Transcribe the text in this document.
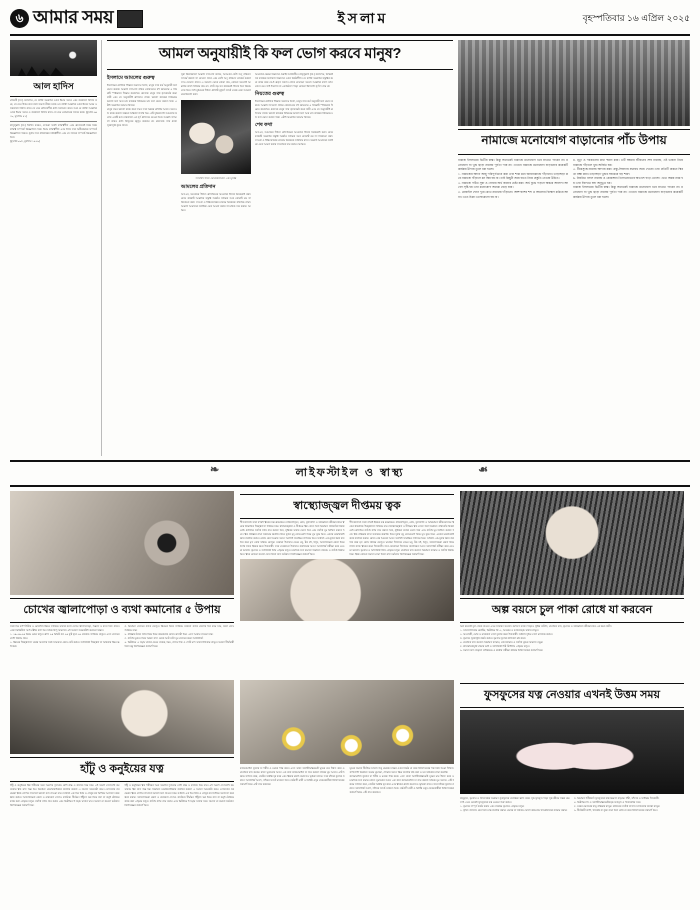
৬ আমার সময়	ইসলাম	বৃহস্পতিবার ১৬ এপ্রিল ২০২৫
আল হাদিস
মহানবী (সা.) বলেছেন, যে ব্যক্তি আল্লাহর ওপর ঈমান আনে এবং পরকালে বিশ্বাস করে, সে যেন উত্তম কথা বলে অথবা নীরব থাকে। যে ব্যক্তি আল্লাহর ওপর ঈমান আনে ও পরকালে বিশ্বাস রাখে সে যেন প্রতিবেশীর প্রতি সদাচরণ করে। আর যে ব্যক্তি আল্লাহর ওপর ঈমান আনে ও পরকালে বিশ্বাস রাখে সে যেন মেহমানের সম্মান করে। (বুখারি ৬০১৮, মুসলিম ৪৭)
রাসুলুল্লাহ (সা.) ইরশাদ করেন, তোমরা সবাই দায়িত্বশীল এবং প্রত্যেকেই নিজ নিজ দায়িত্ব সম্পর্কে জিজ্ঞাসিত হবে। ইমাম দায়িত্বশীল এবং তিনি তার অধীনস্থদের সম্পর্কে জিজ্ঞাসিত হবেন। পুরুষ তার পরিবারের দায়িত্বশীল এবং সে তাদের সম্পর্কে জিজ্ঞাসিত হবে।
(বুখারি ৮৯৩, মুসলিম ১৮২৯)
আমল অনুযায়ীই কি ফল ভোগ করবে মানুষ?
ইসলামে আমলের গুরুত্ব
ইসলামের মৌলিক শিক্ষার অন্যতম হলো, মানুষ তার কর্ম অনুযায়ী ফল ভোগ করবে। আল্লাহ তাআলা পবিত্র কোরআনে বহু জায়গায় এ বিষয়টি স্পষ্টভাবে উল্লেখ করেছেন। প্রত্যেক মানুষ তার কৃতকর্মের জন্য দায়ী এবং সে অনুযায়ীই প্রতিদান পাবে। ভালো কাজের বিনিময়ে ভালো ফল আর মন্দ কাজের বিনিময়ে মন্দ ফল ভোগ করতে হবে। এটাই আল্লাহর অমোঘ বিধান।
মানুষ যখন ভালো কাজ করে তখন তার অন্তরে প্রশান্তি আসে। আর মন্দ কাজ করলে অন্তরে অস্থিরতা তৈরি হয়। এটি দুনিয়াতেই আমলের ফলের একটি রূপ। পরকালে এর পূর্ণ প্রতিদান দেওয়া হবে। আল্লাহ তাআলা কারও প্রতি বিন্দুমাত্র জুলুম করবেন না। প্রত্যেকে তার প্রাপ্য পুরোপুরি বুঝে পাবে।
সুরা জিলজালে আল্লাহ তাআলা বলেন, অতঃপর কেউ অণু পরিমাণ সৎকর্ম করলে তা দেখতে পাবে এবং কেউ অণু পরিমাণ মন্দকর্ম করলে তাও দেখতে পাবে। এ আয়াত থেকে বোঝা যায়, কোনো আমলই আল্লাহর কাছে হারিয়ে যায় না। ছোট বড় সব কাজেরই হিসাব হবে কিয়ামতের দিন। তাই মুমিনের উচিত প্রতিটি মুহূর্তে সতর্ক থেকে নেক আমলে মনোনিবেশ করা।
তাসবিহ হাতে মোনাজাতরত এক মুসল্লি
আমলের প্রতিদান
অতএব, আমাদের উচিত প্রতিদিনের আমলের হিসাব নিজেরাই করা। কোন কাজটি আল্লাহর সন্তুষ্টি অর্জনে সহায়ক আর কোনটি নয় তা বিবেচনা করা। তাওবা ও ইস্তিগফারের মাধ্যমে নিজেকে পরিশুদ্ধ রাখা। আল্লাহ আমাদের সবাইকে নেক আমল করার তাওফিক দান করুন। আমিন।
আমলের ক্ষেত্রে নিয়তের গুরুত্ব অপরিসীম। রাসুলুল্লাহ (সা.) বলেছেন, নিশ্চয়ই সব কাজের ফলাফল নিয়তের ওপর নির্ভরশীল। যে ব্যক্তি আল্লাহর সন্তুষ্টির জন্য কাজ করে সে-ই প্রকৃত সফল। লোক দেখানো আমল আল্লাহর কাছে গ্রহণযোগ্য নয়। তাই ইখলাস বা একনিষ্ঠতা ছাড়া কোনো ইবাদতই পূর্ণতা পায় না।
নিয়তের গুরুত্ব
ইসলামের মৌলিক শিক্ষার অন্যতম হলো, মানুষ তার কর্ম অনুযায়ী ফল ভোগ করবে। আল্লাহ তাআলা পবিত্র কোরআনে বহু জায়গায় এ বিষয়টি স্পষ্টভাবে উল্লেখ করেছেন। প্রত্যেক মানুষ তার কৃতকর্মের জন্য দায়ী এবং সে অনুযায়ীই প্রতিদান পাবে। ভালো কাজের বিনিময়ে ভালো ফল আর মন্দ কাজের বিনিময়ে মন্দ ফল ভোগ করতে হবে। এটাই আল্লাহর অমোঘ বিধান।
শেষ কথা
অতএব, আমাদের উচিত প্রতিদিনের আমলের হিসাব নিজেরাই করা। কোন কাজটি আল্লাহর সন্তুষ্টি অর্জনে সহায়ক আর কোনটি নয় তা বিবেচনা করা। তাওবা ও ইস্তিগফারের মাধ্যমে নিজেকে পরিশুদ্ধ রাখা। আল্লাহ আমাদের সবাইকে নেক আমল করার তাওফিক দান করুন। আমিন।	নামাজে মনোযোগ বাড়ানোর পাঁচ উপায়
নামাজ ইসলামের দ্বিতীয় স্তম্ভ। কিন্তু অনেকেই নামাজে মনোযোগ ধরে রাখতে পারেন না। মনোযোগ বা খুশু ছাড়া নামাজ পূর্ণতা পায় না। এখানে নামাজে মনোযোগ বাড়ানোর কয়েকটি কার্যকর উপায় তুলে ধরা হলো।
১. নামাজের আগে অজু পরিপূর্ণভাবে করা এবং শান্ত মনে জায়নামাজে দাঁড়ানো। তাড়াহুড়া করে নামাজে দাঁড়ালে মন স্থির হয় না। তাই কিছুটা সময় হাতে নিয়ে প্রস্তুতি নেওয়া উচিত।
২. নামাজে পঠিত সুরা ও দোয়ার অর্থ জানার চেষ্টা করা। অর্থ বুঝে পড়লে অন্তরে আলাদা আবেগ সৃষ্টি হয় এবং মনোযোগ অনেক বেড়ে যায়।
৩. মোবাইল ফোন দূরে রেখে নামাজে দাঁড়ানো। আশপাশের শব্দ ও আলোর বিক্ষেপ কমিয়ে আনা। এতে চিন্তা এলোমেলো হয় না।
৪. মৃত্যু ও পরকালের কথা স্মরণ করা। এটি আমার জীবনের শেষ নামাজ, এই ভাবনা নিয়ে নামাজে দাঁড়ালে খুশু অর্জিত হয়।
৫. ধীরেসুস্থে নামাজ আদায় করা। রুকু-সিজদায় যথাযথ সময় দেওয়া এবং প্রতিটি রুকনে স্থিরতা রক্ষা করা। তাড়াহুড়া খুশুর সবচেয়ে বড় শত্রু।
৬. নিয়মিত নফল নামাজ ও কোরআন তিলাওয়াতের অভ্যাস গড়ে তোলা। এতে অন্তর নরম হয় এবং ইবাদতে স্বাদ অনুভূত হয়।
নামাজ ইসলামের দ্বিতীয় স্তম্ভ। কিন্তু অনেকেই নামাজে মনোযোগ ধরে রাখতে পারেন না। মনোযোগ বা খুশু ছাড়া নামাজ পূর্ণতা পায় না। এখানে নামাজে মনোযোগ বাড়ানোর কয়েকটি কার্যকর উপায় তুলে ধরা হলো।
❧	লাইফস্টাইল ও স্বাস্থ্য	☙
চোখের জ্বালাপোড়া ও ব্যথা কমানোর ৫ উপায়
সারা দিন কম্পিউটার ও মোবাইল স্ক্রিনে তাকিয়ে থাকার ফলে চোখে জ্বালাপোড়া, শুষ্কতা ও ব্যথা হতে পারে। একে ডিজিটাল আই স্ট্রেইন বলা হয়। সহজ কিছু অভ্যাসে এই সমস্যা অনেকটাই কমানো সম্ভব।
১. ২০-২০-২০ নিয়ম মেনে চলুন। প্রতি ২০ মিনিট পর ২০ ফুট দূরে ২০ সেকেন্ড তাকিয়ে থাকুন। এতে চোখের পেশি বিশ্রাম পায়।
২. স্ক্রিনের উজ্জ্বলতা ঘরের আলোর সঙ্গে সামঞ্জস্য রেখে সেট করুন। অতিরিক্ত উজ্জ্বল বা অন্ধকার স্ক্রিন ক্ষতিকর।
৩. নিয়মিত চোখের পলক ফেলুন। স্ক্রিনের দিকে তাকিয়ে থাকলে পলক ফেলার হার কমে যায়, ফলে চোখ শুকিয়ে যায়।
৪. পরিষ্কার ঠান্ডা পানি দিয়ে দিনে কয়েকবার চোখে ঝাপটা দিন। এতে আরাম পাওয়া যায়।
৫. পর্যাপ্ত ঘুমান। দিনে অন্তত সাত থেকে আট ঘণ্টা ঘুম চোখের জন্য অপরিহার্য।
৬. ভিটামিন এ সমৃদ্ধ খাবার যেমন গাজর, ডিম, পালং শাক ও ছোট মাছ খাদ্যতালিকায় রাখুন। সমস্যা দীর্ঘস্থায়ী হলে চক্ষু বিশেষজ্ঞের পরামর্শ নিন।
স্বাস্থ্যোজ্জ্বল দীপ্তময় ত্বক
শীতকালসহ সারা বছরই ত্বকের যত্ন প্রয়োজন। পরিবেশদূষণ, রোদ, ধুলাবালি ও অনিয়মিত জীবনযাপনে ত্বকের স্বাভাবিক উজ্জ্বলতা হারিয়ে যায়। স্বাস্থ্যোজ্জ্বল ও দীপ্তময় ত্বক পেতে হলে নিয়মিত পরিচর্যার বিকল্প নেই। প্রতিদিন পর্যাপ্ত পানি পান করতে হবে, পুষ্টিকর খাবার খেতে হবে এবং পর্যাপ্ত ঘুম নিশ্চিত করতে হবে। ত্বক পরিষ্কার রাখা সবচেয়ে জরুরি। দিনে দুবার মৃদু ফেসওয়াশ দিয়ে মুখ ধুয়ে নিন। এরপর ময়েশ্চারাইজার ব্যবহার করুন। রোদে বের হওয়ার আগে অবশ্যই সানস্ক্রিন লাগিয়ে নিন। সপ্তাহে এক-দুবার স্ক্রাব ব্যবহার করে মৃত কোষ সরিয়ে ফেলুন। ঘরোয়া উপাদান যেমন মধু, টক দই, হলুদ, অ্যালোভেরা জেল দিয়ে তৈরি প্যাক ত্বকের জন্য উপকারী। তবে যেকোনো উপাদান ব্যবহারের আগে অ্যালার্জি পরীক্ষা করে নেওয়া ভালো। ধূমপান ও অতিরিক্ত চিনি এড়িয়ে চলুন। মানসিক চাপ কমাতে নিয়মিত ব্যায়াম ও পর্যাপ্ত বিশ্রাম নিন। ত্বকে কোনো সমস্যা দেখা দিলে দ্রুত চর্মরোগ বিশেষজ্ঞের পরামর্শ নিন।
শীতকালসহ সারা বছরই ত্বকের যত্ন প্রয়োজন। পরিবেশদূষণ, রোদ, ধুলাবালি ও অনিয়মিত জীবনযাপনে ত্বকের স্বাভাবিক উজ্জ্বলতা হারিয়ে যায়। স্বাস্থ্যোজ্জ্বল ও দীপ্তময় ত্বক পেতে হলে নিয়মিত পরিচর্যার বিকল্প নেই। প্রতিদিন পর্যাপ্ত পানি পান করতে হবে, পুষ্টিকর খাবার খেতে হবে এবং পর্যাপ্ত ঘুম নিশ্চিত করতে হবে। ত্বক পরিষ্কার রাখা সবচেয়ে জরুরি। দিনে দুবার মৃদু ফেসওয়াশ দিয়ে মুখ ধুয়ে নিন। এরপর ময়েশ্চারাইজার ব্যবহার করুন। রোদে বের হওয়ার আগে অবশ্যই সানস্ক্রিন লাগিয়ে নিন। সপ্তাহে এক-দুবার স্ক্রাব ব্যবহার করে মৃত কোষ সরিয়ে ফেলুন। ঘরোয়া উপাদান যেমন মধু, টক দই, হলুদ, অ্যালোভেরা জেল দিয়ে তৈরি প্যাক ত্বকের জন্য উপকারী। তবে যেকোনো উপাদান ব্যবহারের আগে অ্যালার্জি পরীক্ষা করে নেওয়া ভালো। ধূমপান ও অতিরিক্ত চিনি এড়িয়ে চলুন। মানসিক চাপ কমাতে নিয়মিত ব্যায়াম ও পর্যাপ্ত বিশ্রাম নিন। ত্বকে কোনো সমস্যা দেখা দিলে দ্রুত চর্মরোগ বিশেষজ্ঞের পরামর্শ নিন।
অল্প বয়সে চুল পাকা রোধে যা করবেন
অল্প বয়সেই চুল পেকে যাওয়া এখন সাধারণ সমস্যা। বংশগত কারণ ছাড়াও পুষ্টির ঘাটতি, মানসিক চাপ, ধূমপান ও অনিয়মিত জীবনযাপন এর জন্য দায়ী।
১. খাদ্যতালিকায় প্রোটিন, ভিটামিন বি১২, আয়রন ও কপারসমৃদ্ধ খাবার রাখুন।
২. আমলকী, মেথি ও নারকেল তেল চুলের জন্য উপকারী। সপ্তাহে দুদিন তেল ম্যাসাজ করুন।
৩. ধূমপান পুরোপুরি বর্জন করুন। ধূমপান চুলের ফলিকল নষ্ট করে।
৪. মানসিক চাপ কমাতে নিয়মিত ব্যায়াম, যোগব্যায়াম ও পর্যাপ্ত ঘুমের অভ্যাস গড়ুন।
৫. রাসায়নিকযুক্ত হেয়ার ডাই ও অতিরিক্ত হিট স্টাইলিং এড়িয়ে চলুন।
৬. সমস্যা দ্রুত বাড়লে থাইরয়েড ও রক্তের পরীক্ষা করিয়ে চিকিৎসকের পরামর্শ নিন।
হাঁটু ও কনুইয়ের যত্ন
হাঁটু ও কনুইয়ের ত্বক শরীরের অন্য অংশের তুলনায় বেশি রুক্ষ ও কালচে হয়ে যায়। এই অংশে তেলগ্রন্থি কম থাকায় ত্বক দ্রুত শুষ্ক হয়। নিয়মিত ময়েশ্চারাইজার ব্যবহার করলে এ সমস্যা অনেকটা কমে। গোসলের পর ভেজা ত্বকে লোশন লাগালে ভালো ফল পাওয়া যায়। সপ্তাহে এক দিন চিনি ও লেবুর রস মিশিয়ে আলতো করে স্ক্রাব করুন। অ্যালোভেরা জেল ও নারকেল তেলও কার্যকর। দীর্ঘক্ষণ হাঁটুতে ভর দিয়ে বসা বা কনুই ঠেকিয়ে কাজ করা এড়িয়ে চলুন। পর্যাপ্ত পানি পান করুন এবং ভিটামিন ই সমৃদ্ধ খাবার খান। সমস্যা না কমলে চর্মরোগ বিশেষজ্ঞের পরামর্শ নিন।
হাঁটু ও কনুইয়ের ত্বক শরীরের অন্য অংশের তুলনায় বেশি রুক্ষ ও কালচে হয়ে যায়। এই অংশে তেলগ্রন্থি কম থাকায় ত্বক দ্রুত শুষ্ক হয়। নিয়মিত ময়েশ্চারাইজার ব্যবহার করলে এ সমস্যা অনেকটা কমে। গোসলের পর ভেজা ত্বকে লোশন লাগালে ভালো ফল পাওয়া যায়। সপ্তাহে এক দিন চিনি ও লেবুর রস মিশিয়ে আলতো করে স্ক্রাব করুন। অ্যালোভেরা জেল ও নারকেল তেলও কার্যকর। দীর্ঘক্ষণ হাঁটুতে ভর দিয়ে বসা বা কনুই ঠেকিয়ে কাজ করা এড়িয়ে চলুন। পর্যাপ্ত পানি পান করুন এবং ভিটামিন ই সমৃদ্ধ খাবার খান। সমস্যা না কমলে চর্মরোগ বিশেষজ্ঞের পরামর্শ নিন।
ক্যামোমাইল ফুলের চা শরীর ও মনকে শান্ত করে। এতে থাকা অ্যান্টিঅক্সিডেন্ট ঘুমের মান উন্নত করে ও মানসিক চাপ কমায়। রাতে ঘুমানোর আগে এক কাপ ক্যামোমাইল চা পান করলে সহজে ঘুম আসে। এটি হজমে সাহায্য করে, পেটের অস্বস্তি দূর করে এবং ত্বকের প্রদাহ কমাতেও ভূমিকা রাখে। তবে যাঁদের ফুলের পরাগে অ্যালার্জি আছে, তাঁদের সতর্ক থাকতে হবে। গর্ভবতী নারী ও নির্দিষ্ট ওষুধ সেবনকারীরা চিকিৎসকের পরামর্শ নিয়ে এটি পান করবেন।
ঘুমের সমস্যা দীর্ঘদিন চললে শুধু ভেষজ চায়ের ওপর নির্ভর না করে চিকিৎসকের শরণাপন্ন হওয়া উচিত। পাশাপাশি নিয়মিত সময়ে ঘুমানো, শোয়ার আগে স্ক্রিন ব্যবহার বন্ধ করা ও ঘর অন্ধকার রাখা জরুরি।
ক্যামোমাইল ফুলের চা শরীর ও মনকে শান্ত করে। এতে থাকা অ্যান্টিঅক্সিডেন্ট ঘুমের মান উন্নত করে ও মানসিক চাপ কমায়। রাতে ঘুমানোর আগে এক কাপ ক্যামোমাইল চা পান করলে সহজে ঘুম আসে। এটি হজমে সাহায্য করে, পেটের অস্বস্তি দূর করে এবং ত্বকের প্রদাহ কমাতেও ভূমিকা রাখে। তবে যাঁদের ফুলের পরাগে অ্যালার্জি আছে, তাঁদের সতর্ক থাকতে হবে। গর্ভবতী নারী ও নির্দিষ্ট ওষুধ সেবনকারীরা চিকিৎসকের পরামর্শ নিয়ে এটি পান করবেন।
ফুসফুসের যত্ন নেওয়ার এখনই উত্তম সময়
বায়ুদূষণ, ধূমপান ও শ্বাসতন্ত্রের সংক্রমণ ফুসফুসের মারাত্মক ক্ষতি করে। সুস্থ ফুসফুস ছাড়া সুস্থ জীবন সম্ভব নয়। তাই এখন থেকেই ফুসফুসের যত্ন নেওয়া শুরু করুন।
১. ধূমপান সম্পূর্ণ বর্জন করুন এবং পরোক্ষ ধূমপান এড়িয়ে চলুন।
২. দূষিত বাতাসে বের হলে মাস্ক ব্যবহার করুন। ভোরে বা সন্ধ্যায় খোলা জায়গায় শ্বাসপ্রশ্বাসের ব্যায়াম করুন।
৩. নিয়মিত শরীরচর্চা ফুসফুসের ধারণক্ষমতা বাড়ায়। হাঁটা, সাঁতার ও সাইক্লিং উপকারী।
৪. ভিটামিন সি ও অ্যান্টিঅক্সিডেন্টসমৃদ্ধ ফলমূল ও শাকসবজি খান।
৫. ঘরের ভেতরের বায়ু পরিষ্কার রাখুন। রান্নাঘরে পর্যাপ্ত বাতাস চলাচলের ব্যবস্থা রাখুন।
৬. দীর্ঘস্থায়ী কাশি, শ্বাসকষ্ট বা বুকে ব্যথা হলে দেরি না করে চিকিৎসকের পরামর্শ নিন।
